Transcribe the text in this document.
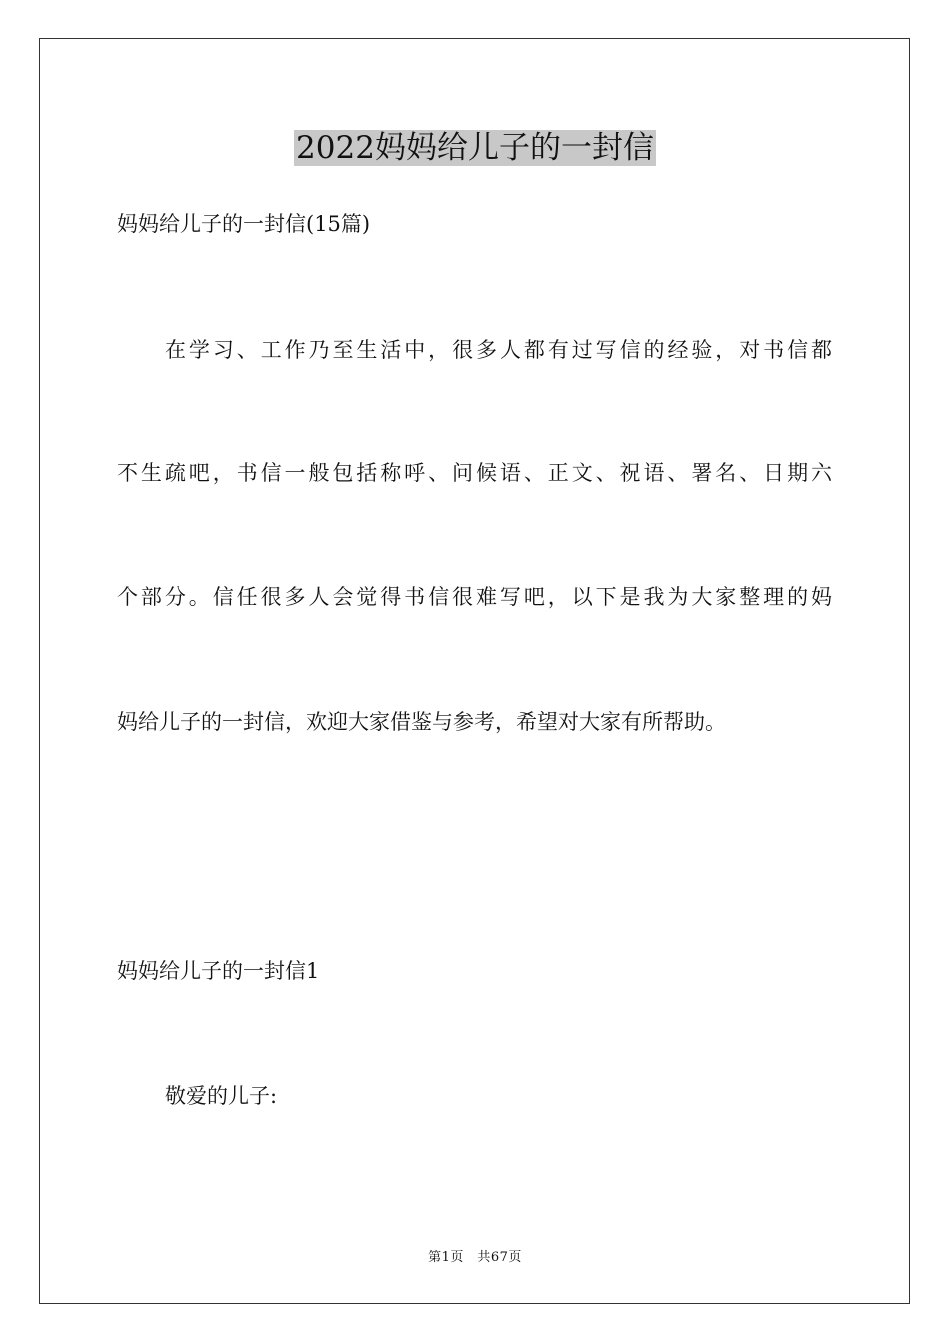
2022妈妈给儿子的一封信

妈妈给儿子的一封信(15篇)

在学习、工作乃至生活中，很多人都有过写信的经验，对书信都

不生疏吧，书信一般包括称呼、问候语、正文、祝语、署名、日期六

个部分。信任很多人会觉得书信很难写吧，以下是我为大家整理的妈

妈给儿子的一封信，欢迎大家借鉴与参考，希望对大家有所帮助。

妈妈给儿子的一封信1

敬爱的儿子:

第1页　共67页
